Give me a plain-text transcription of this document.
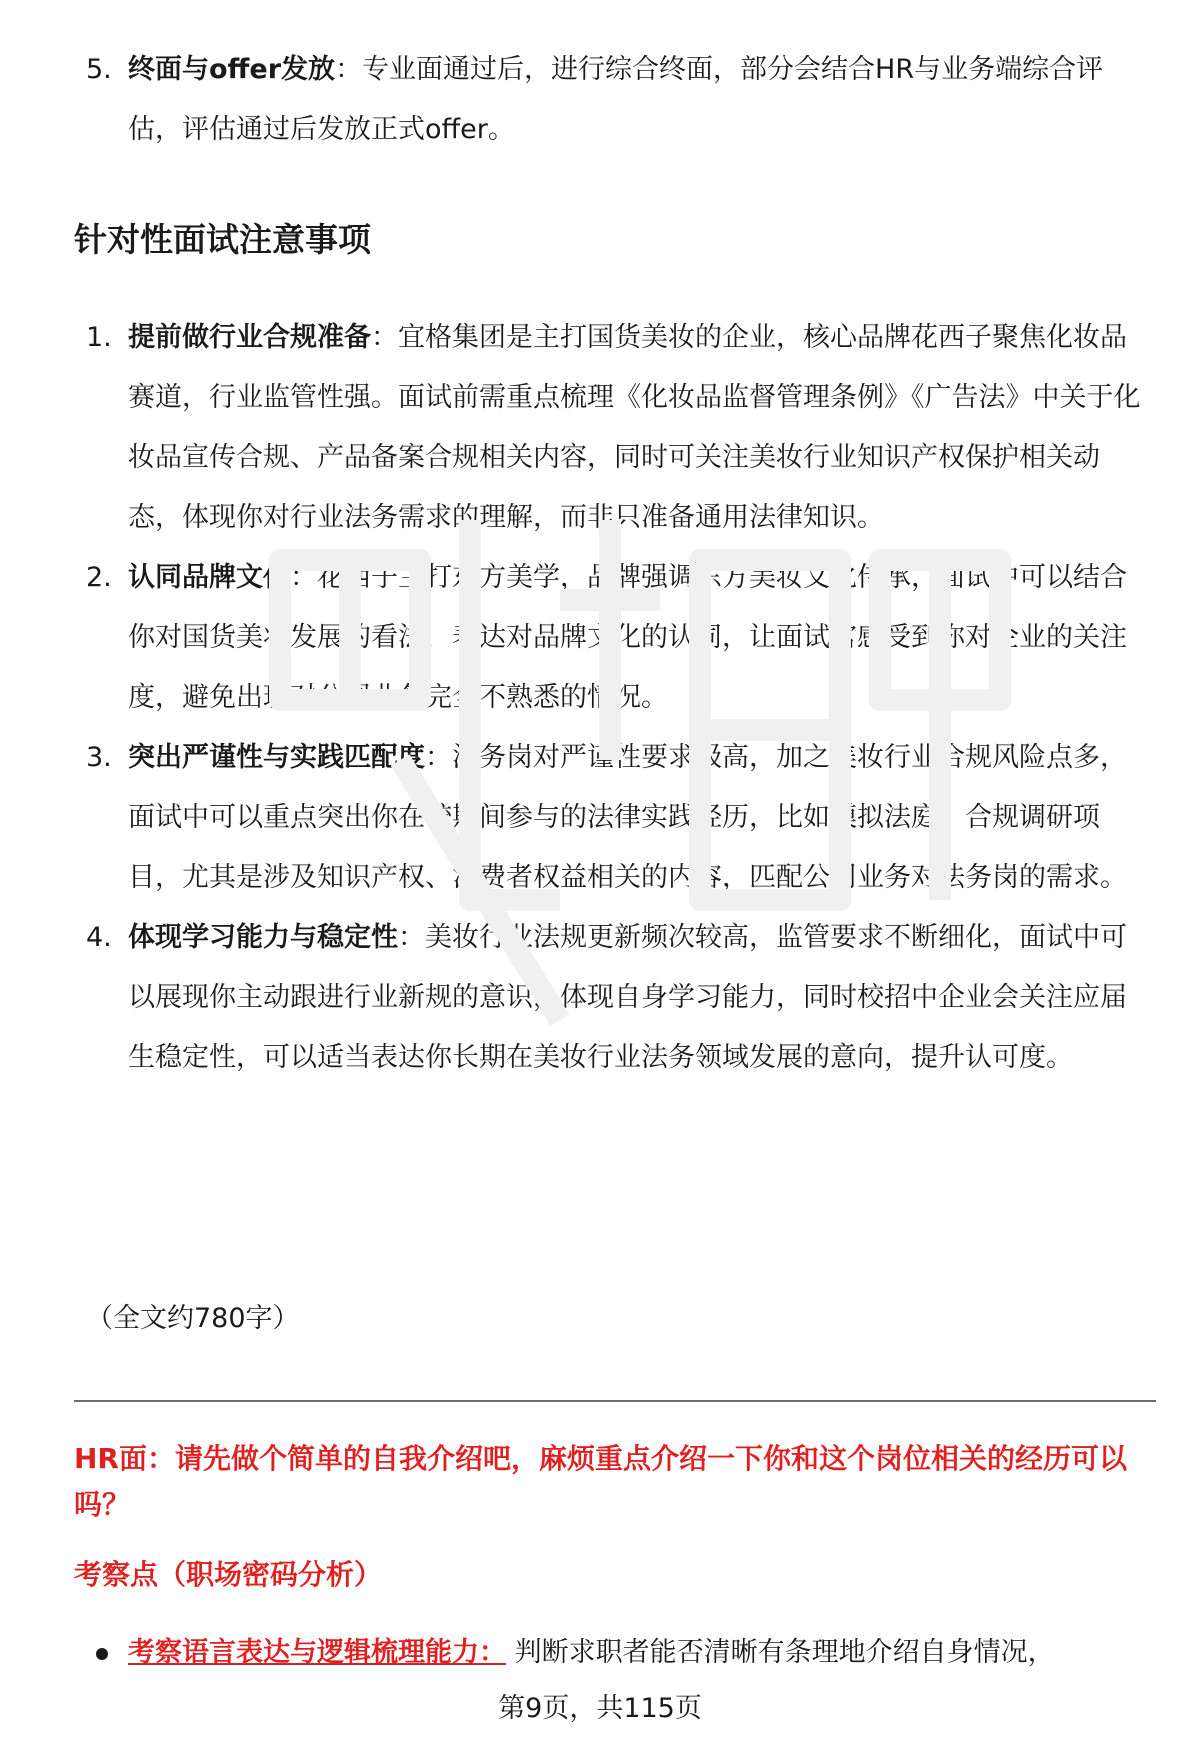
5. 终面与offer发放：专业面通过后，进行综合终面，部分会结合HR与业务端综合评估，评估通过后发放正式offer。
针对性面试注意事项
1. 提前做行业合规准备：宜格集团是主打国货美妆的企业，核心品牌花西子聚焦化妆品赛道，行业监管性强。面试前需重点梳理《化妆品监督管理条例》《广告法》中关于化妆品宣传合规、产品备案合规相关内容，同时可关注美妆行业知识产权保护相关动态，体现你对行业法务需求的理解，而非只准备通用法律知识。
2. 认同品牌文化：花西子主打东方美学，品牌强调东方美妆文化传承，面试中可以结合你对国货美妆发展的看法，表达对品牌文化的认同，让面试官感受到你对企业的关注度，避免出现对公司业务完全不熟悉的情况。
3. 突出严谨性与实践匹配度：法务岗对严谨性要求极高，加之美妆行业合规风险点多，面试中可以重点突出你在校期间参与的法律实践经历，比如模拟法庭、合规调研项目，尤其是涉及知识产权、消费者权益相关的内容，匹配公司业务对法务岗的需求。
4. 体现学习能力与稳定性：美妆行业法规更新频次较高，监管要求不断细化，面试中可以展现你主动跟进行业新规的意识，体现自身学习能力，同时校招中企业会关注应届生稳定性，可以适当表达你长期在美妆行业法务领域发展的意向，提升认可度。
（全文约780字）
HR面：请先做个简单的自我介绍吧，麻烦重点介绍一下你和这个岗位相关的经历可以吗？
考察点（职场密码分析）
考察语言表达与逻辑梳理能力： 判断求职者能否清晰有条理地介绍自身情况，
第9页，共115页
